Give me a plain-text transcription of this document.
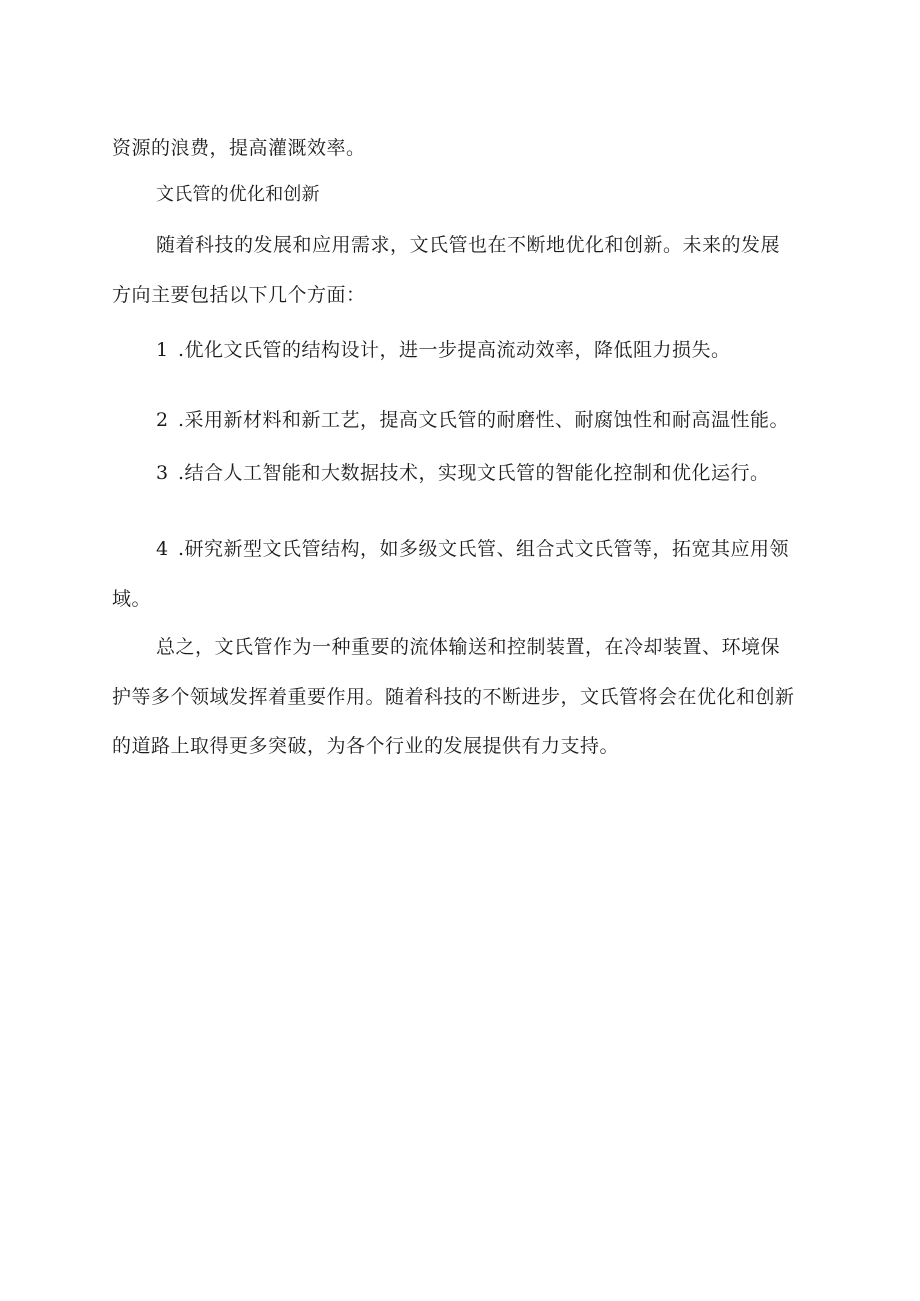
资源的浪费，提高灌溉效率。
文氏管的优化和创新
随着科技的发展和应用需求，文氏管也在不断地优化和创新。未来的发展
方向主要包括以下几个方面：
1 .优化文氏管的结构设计，进一步提高流动效率，降低阻力损失。
2 .采用新材料和新工艺，提高文氏管的耐磨性、耐腐蚀性和耐高温性能。
3 .结合人工智能和大数据技术，实现文氏管的智能化控制和优化运行。
4 .研究新型文氏管结构，如多级文氏管、组合式文氏管等，拓宽其应用领
域。
总之，文氏管作为一种重要的流体输送和控制装置，在冷却装置、环境保
护等多个领域发挥着重要作用。随着科技的不断进步，文氏管将会在优化和创新
的道路上取得更多突破，为各个行业的发展提供有力支持。
